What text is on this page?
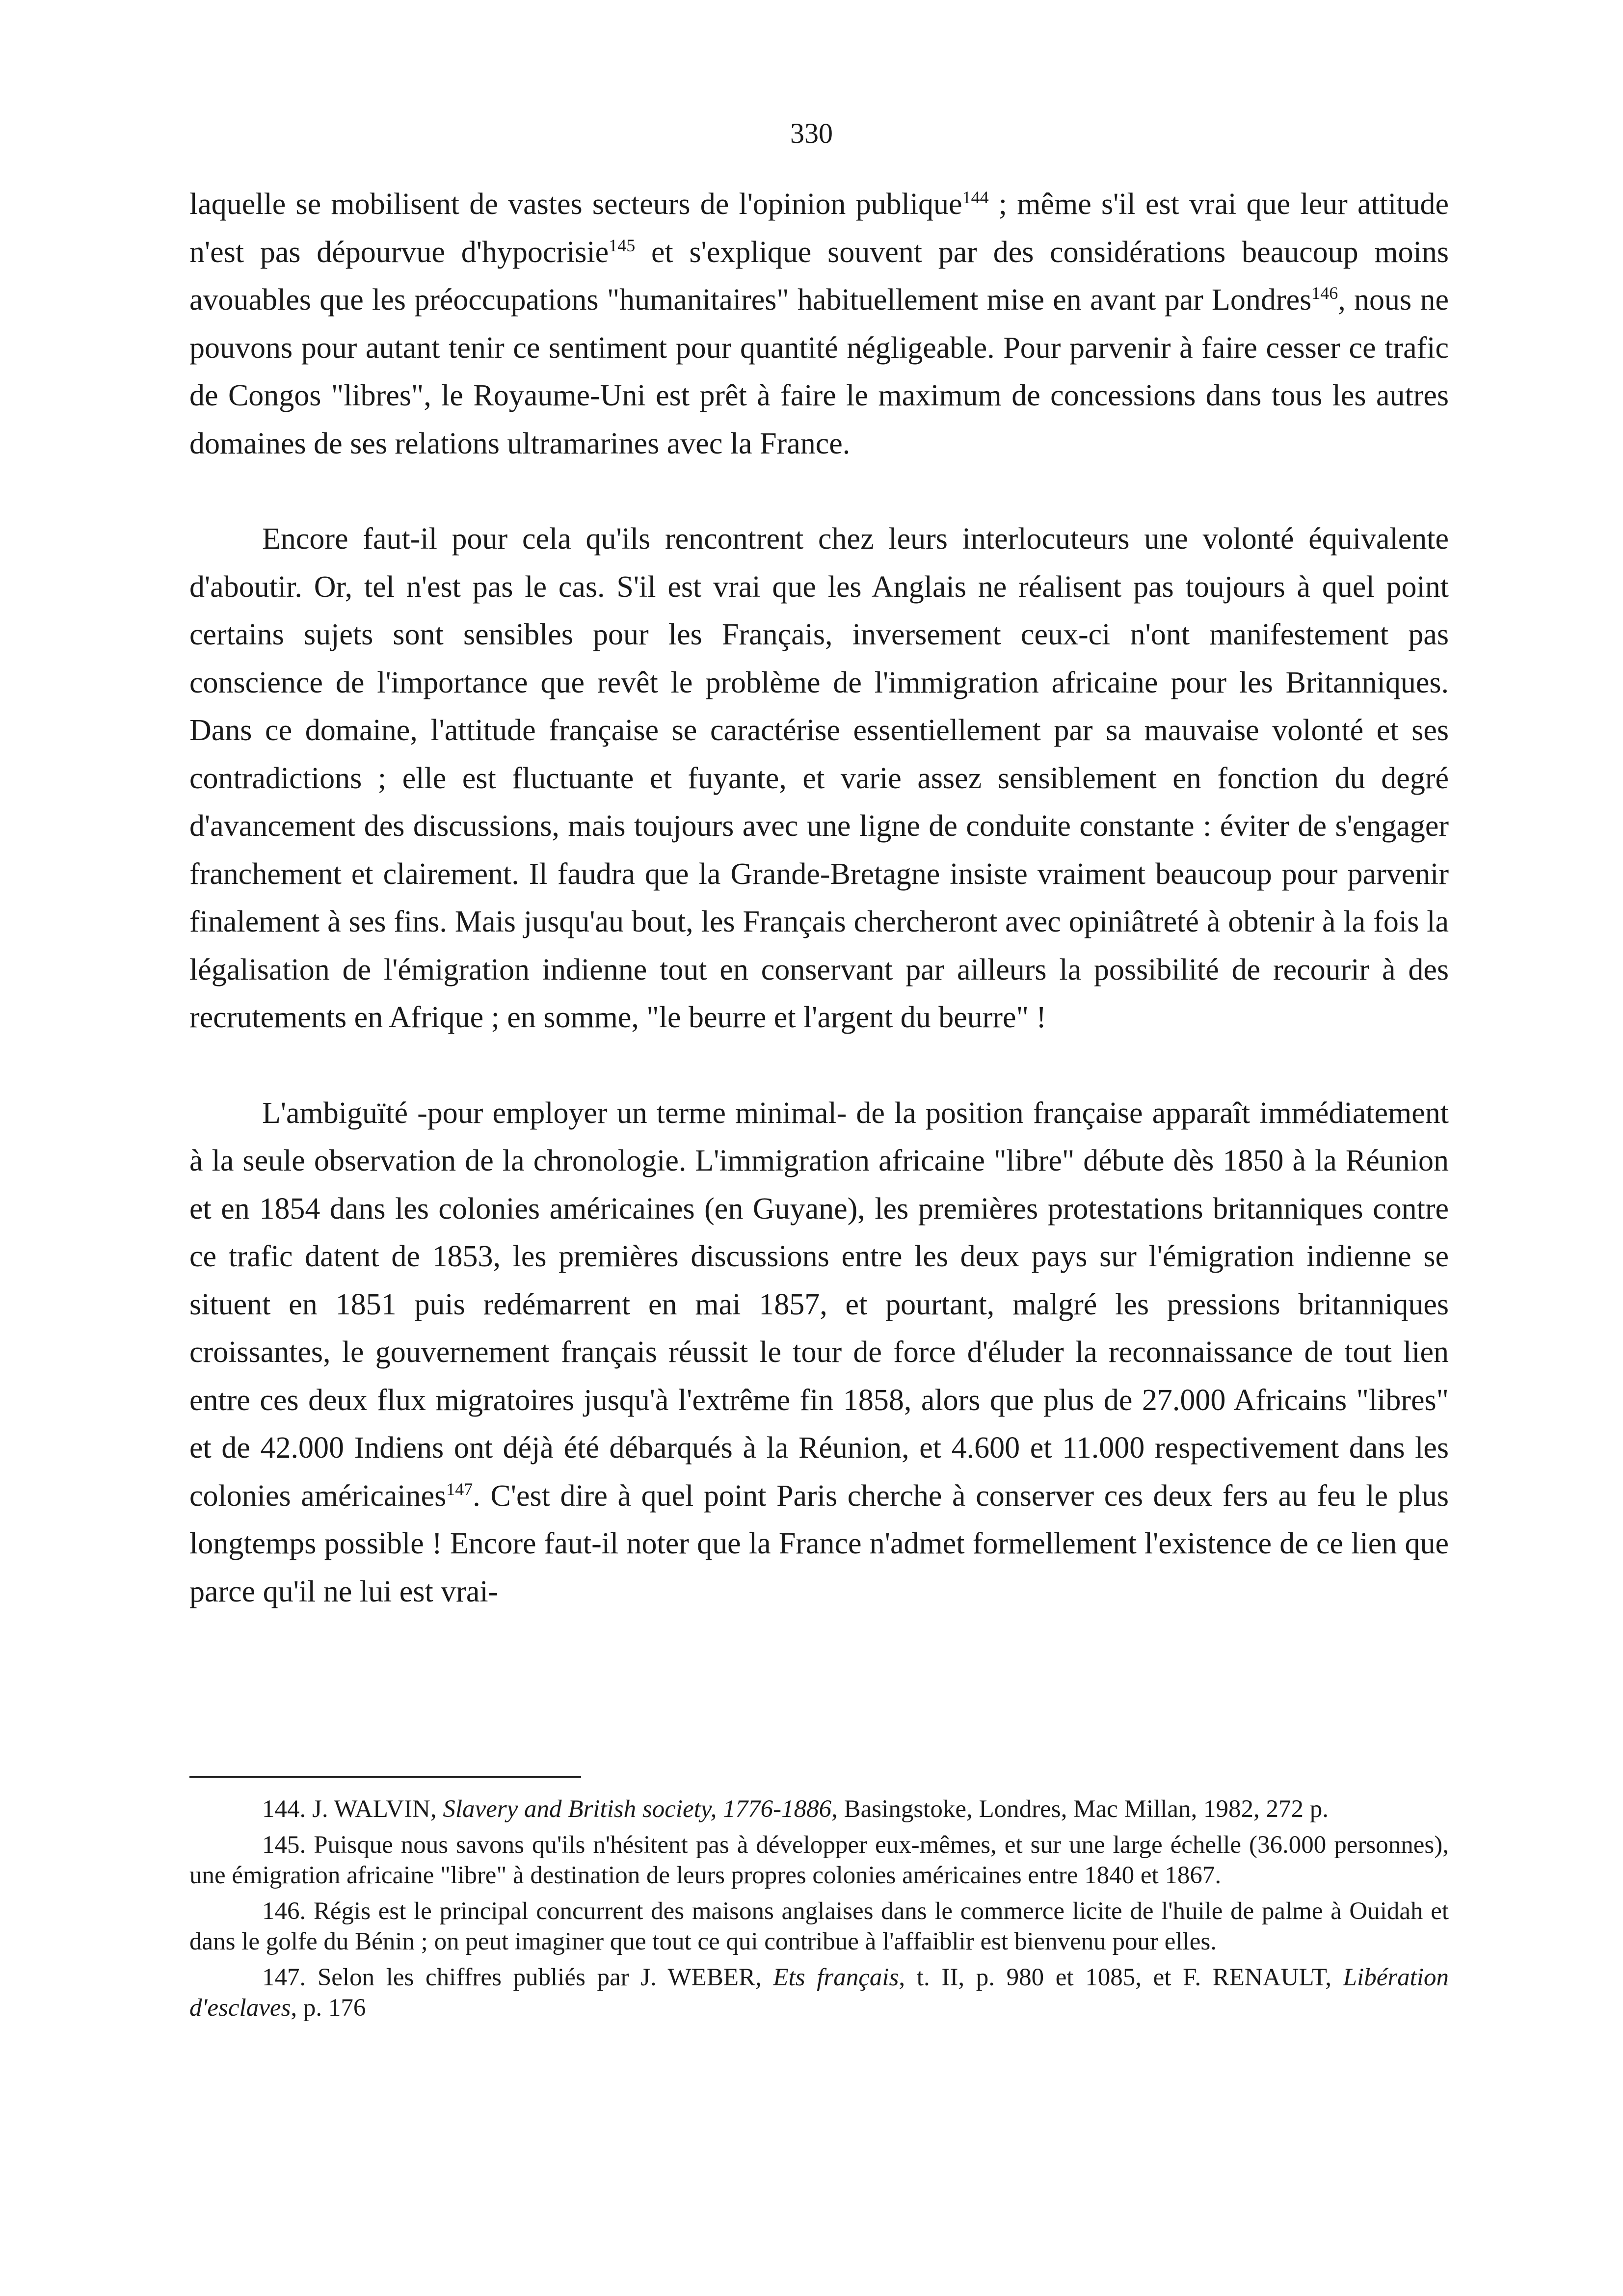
330

laquelle se mobilisent de vastes secteurs de l'opinion publique$^{144}$ ; même s'il est vrai que leur attitude n'est pas dépourvue d'hypocrisie$^{145}$ et s'explique souvent par des considérations beaucoup moins avouables que les préoccupations "humanitaires" habituellement mise en avant par Londres$^{146}$, nous ne pouvons pour autant tenir ce sentiment pour quantité négligeable. Pour parvenir à faire cesser ce trafic de Congos "libres", le Royaume-Uni est prêt à faire le maximum de concessions dans tous les autres domaines de ses relations ultramarines avec la France.

Encore faut-il pour cela qu'ils rencontrent chez leurs interlocuteurs une volonté équivalente d'aboutir. Or, tel n'est pas le cas. S'il est vrai que les Anglais ne réalisent pas toujours à quel point certains sujets sont sensibles pour les Français, inversement ceux-ci n'ont manifestement pas conscience de l'importance que revêt le problème de l'immigration africaine pour les Britanniques. Dans ce domaine, l'attitude française se caractérise essentiellement par sa mauvaise volonté et ses contradictions ; elle est fluctuante et fuyante, et varie assez sensiblement en fonction du degré d'avancement des discussions, mais toujours avec une ligne de conduite constante : éviter de s'engager franchement et clairement. Il faudra que la Grande-Bretagne insiste vraiment beaucoup pour parvenir finalement à ses fins. Mais jusqu'au bout, les Français chercheront avec opiniâtreté à obtenir à la fois la légalisation de l'émigration indienne tout en conservant par ailleurs la possibilité de recourir à des recrutements en Afrique ; en somme, "le beurre et l'argent du beurre" !

L'ambiguïté -pour employer un terme minimal- de la position française apparaît immédiatement à la seule observation de la chronologie. L'immigration africaine "libre" débute dès 1850 à la Réunion et en 1854 dans les colonies américaines (en Guyane), les premières protestations britanniques contre ce trafic datent de 1853, les premières discussions entre les deux pays sur l'émigration indienne se situent en 1851 puis redémarrent en mai 1857, et pourtant, malgré les pressions britanniques croissantes, le gouvernement français réussit le tour de force d'éluder la reconnaissance de tout lien entre ces deux flux migratoires jusqu'à l'extrême fin 1858, alors que plus de 27.000 Africains "libres" et de 42.000 Indiens ont déjà été débarqués à la Réunion, et 4.600 et 11.000 respectivement dans les colonies américaines$^{147}$. C'est dire à quel point Paris cherche à conserver ces deux fers au feu le plus longtemps possible ! Encore faut-il noter que la France n'admet formellement l'existence de ce lien que parce qu'il ne lui est vrai-

144. J. WALVIN, Slavery and British society, 1776-1886, Basingstoke, Londres, Mac Millan, 1982, 272 p.

145. Puisque nous savons qu'ils n'hésitent pas à développer eux-mêmes, et sur une large échelle (36.000 personnes), une émigration africaine "libre" à destination de leurs propres colonies américaines entre 1840 et 1867.

146. Régis est le principal concurrent des maisons anglaises dans le commerce licite de l'huile de palme à Ouidah et dans le golfe du Bénin ; on peut imaginer que tout ce qui contribue à l'affaiblir est bienvenu pour elles.

147. Selon les chiffres publiés par J. WEBER, Ets français, t. II, p. 980 et 1085, et F. RENAULT, Libération d'esclaves, p. 176
